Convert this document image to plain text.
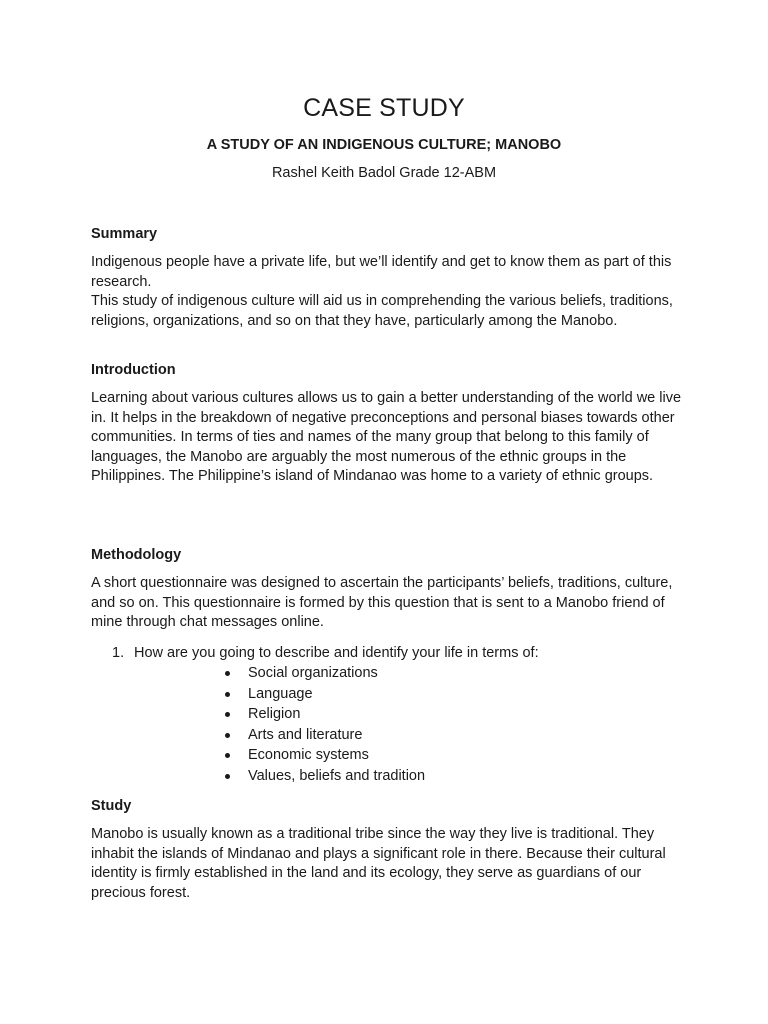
CASE STUDY
A STUDY OF AN INDIGENOUS CULTURE; MANOBO
Rashel Keith Badol Grade 12-ABM
Summary

Indigenous people have a private life, but we’ll identify and get to know them as part of this research.

This study of indigenous culture will aid us in comprehending the various beliefs, traditions, religions, organizations, and so on that they have, particularly among the Manobo.

Introduction

Learning about various cultures allows us to gain a better understanding of the world we live in. It helps in the breakdown of negative preconceptions and personal biases towards other communities. In terms of ties and names of the many group that belong to this family of languages, the Manobo are arguably the most numerous of the ethnic groups in the Philippines. The Philippine’s island of Mindanao was home to a variety of ethnic groups.

Methodology

A short questionnaire was designed to ascertain the participants’ beliefs, traditions, culture, and so on. This questionnaire is formed by this question that is sent to a Manobo friend of mine through chat messages online.

1. How are you going to describe and identify your life in terms of:
Social organizations
Language
Religion
Arts and literature
Economic systems
Values, beliefs and tradition
Study

Manobo is usually known as a traditional tribe since the way they live is traditional. They inhabit the islands of Mindanao and plays a significant role in there. Because their cultural identity is firmly established in the land and its ecology, they serve as guardians of our precious forest.
